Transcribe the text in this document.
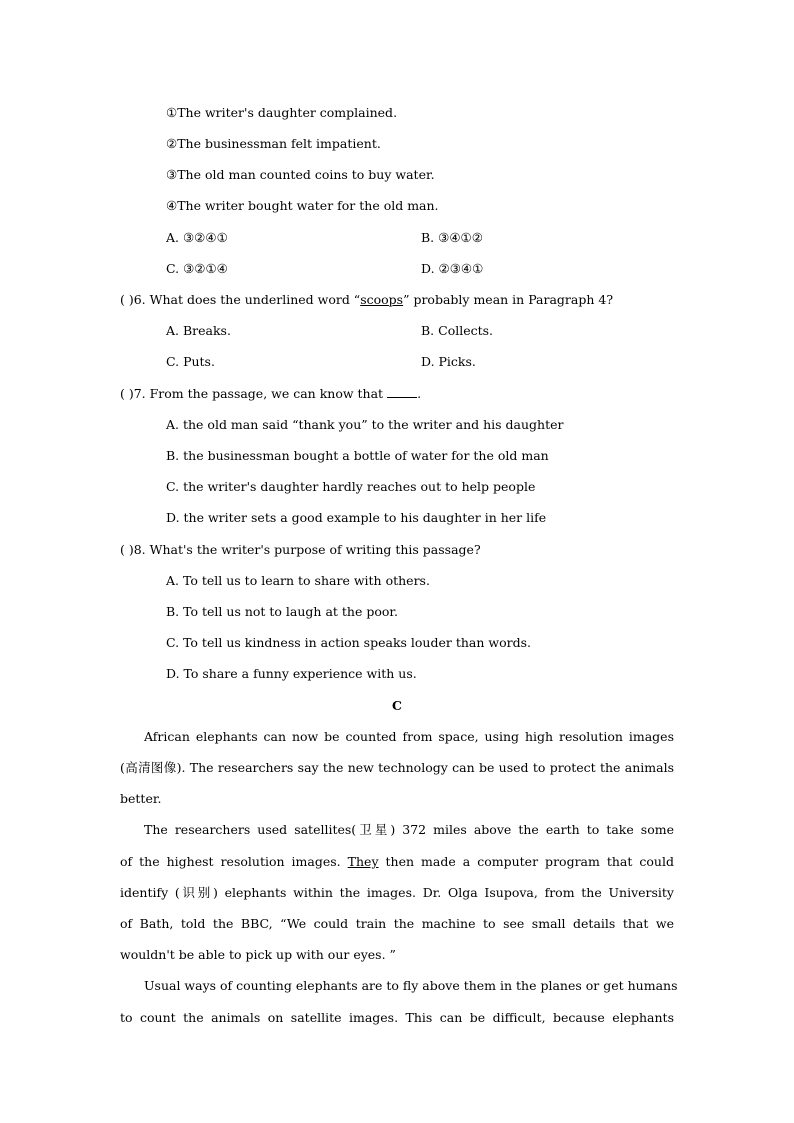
①The writer's daughter complained.
②The businessman felt impatient.
③The old man counted coins to buy water.
④The writer bought water for the old man.
A. ③②④①	B. ③④①②
C. ③②①④	D. ②③④①
( )6. What does the underlined word “scoops” probably mean in Paragraph 4?
A. Breaks.	B. Collects.
C. Puts.	D. Picks.
( )7. From the passage, we can know that	.
A. the old man said “thank you” to the writer and his daughter
B. the businessman bought a bottle of water for the old man
C. the writer's daughter hardly reaches out to help people
D. the writer sets a good example to his daughter in her life
( )8. What's the writer's purpose of writing this passage?
A. To tell us to learn to share with others.
B. To tell us not to laugh at the poor.
C. To tell us kindness in action speaks louder than words.
D. To share a funny experience with us.
C
African elephants can now be counted from space, using high resolution images
(高清图像). The researchers say the new technology can be used to protect the animals
better.
The researchers used satellites(卫星) 372 miles above the earth to take some
of the highest resolution images. They then made a computer program that could
identify (识别) elephants within the images. Dr. Olga Isupova, from the University
of Bath, told the BBC, “We could train the machine to see small details that we
wouldn't be able to pick up with our eyes. ”
Usual ways of counting elephants are to fly above them in the planes or get humans
to count the animals on satellite images. This can be difficult, because elephants
